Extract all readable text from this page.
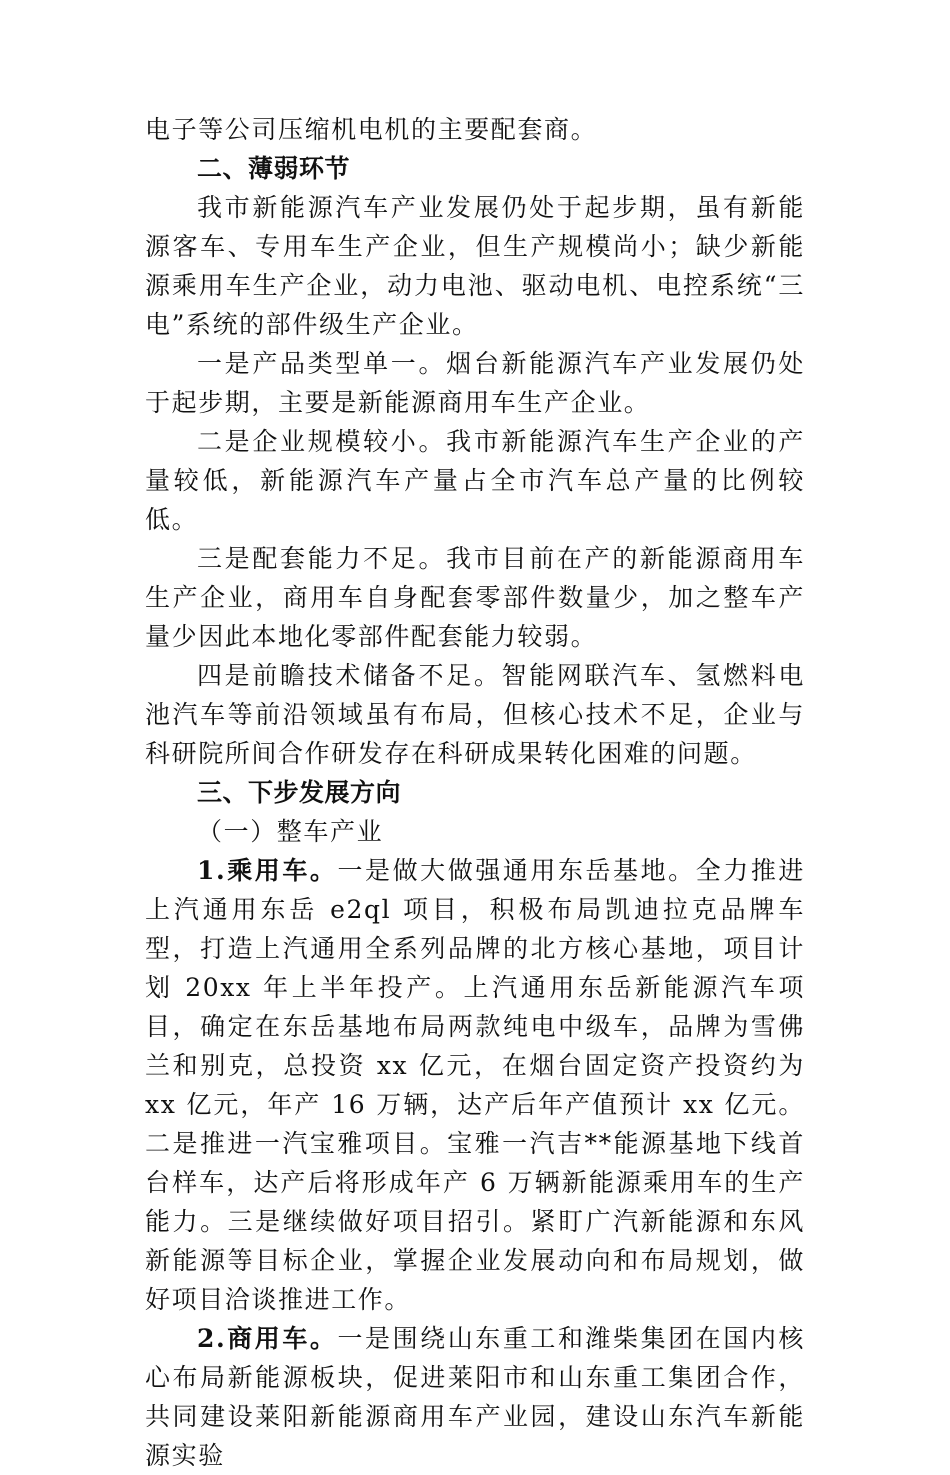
电子等公司压缩机电机的主要配套商。

二、薄弱环节

我市新能源汽车产业发展仍处于起步期，虽有新能源客车、专用车生产企业，但生产规模尚小；缺少新能源乘用车生产企业，动力电池、驱动电机、电控系统“三电”系统的部件级生产企业。

一是产品类型单一。烟台新能源汽车产业发展仍处于起步期，主要是新能源商用车生产企业。

二是企业规模较小。我市新能源汽车生产企业的产量较低，新能源汽车产量占全市汽车总产量的比例较低。

三是配套能力不足。我市目前在产的新能源商用车生产企业，商用车自身配套零部件数量少，加之整车产量少因此本地化零部件配套能力较弱。

四是前瞻技术储备不足。智能网联汽车、氢燃料电池汽车等前沿领域虽有布局，但核心技术不足，企业与科研院所间合作研发存在科研成果转化困难的问题。

三、下步发展方向

（一）整车产业

1.乘用车。一是做大做强通用东岳基地。全力推进上汽通用东岳 e2ql 项目，积极布局凯迪拉克品牌车型，打造上汽通用全系列品牌的北方核心基地，项目计划 20xx 年上半年投产。上汽通用东岳新能源汽车项目，确定在东岳基地布局两款纯电中级车，品牌为雪佛兰和别克，总投资 xx 亿元，在烟台固定资产投资约为 xx 亿元，年产 16 万辆，达产后年产值预计 xx 亿元。二是推进一汽宝雅项目。宝雅一汽吉**能源基地下线首台样车，达产后将形成年产 6 万辆新能源乘用车的生产能力。三是继续做好项目招引。紧盯广汽新能源和东风新能源等目标企业，掌握企业发展动向和布局规划，做好项目洽谈推进工作。

2.商用车。一是围绕山东重工和潍柴集团在国内核心布局新能源板块，促进莱阳市和山东重工集团合作，共同建设莱阳新能源商用车产业园，建设山东汽车新能源实验
